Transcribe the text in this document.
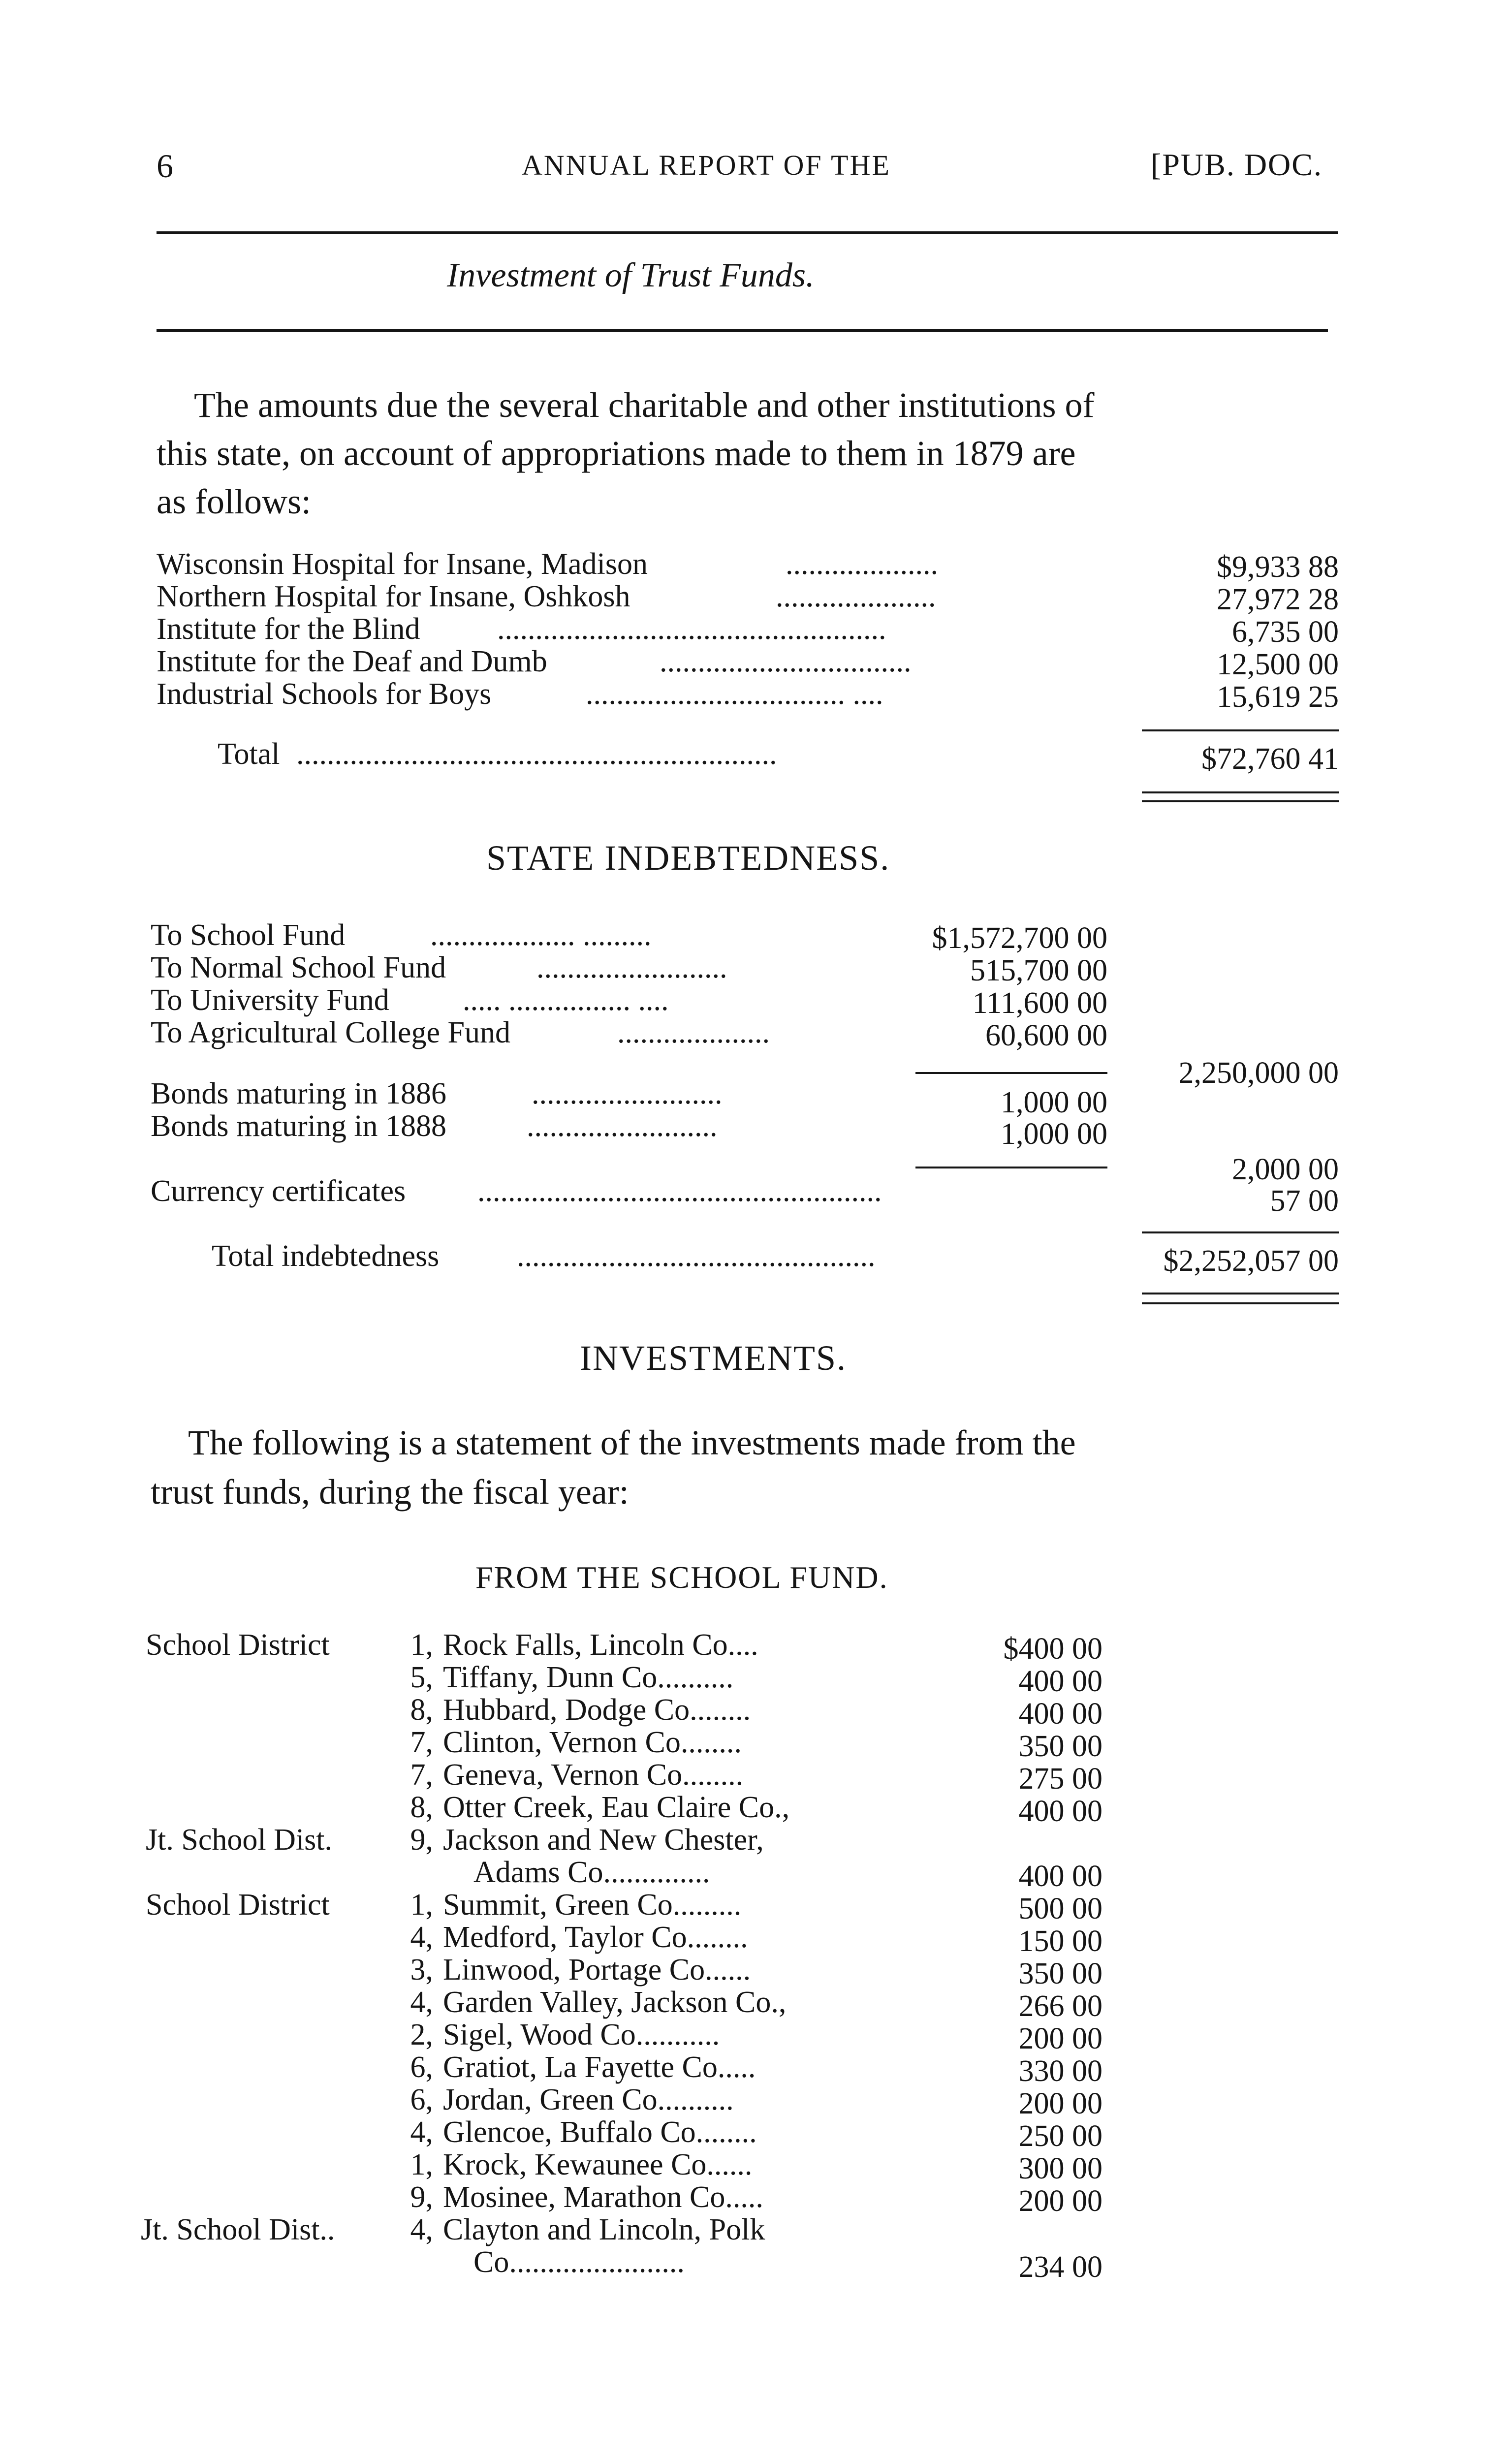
6	ANNUAL REPORT OF THE	[PUB. DOC.
Investment of Trust Funds.
The amounts due the several charitable and other institutions of
this state, on account of appropriations made to them in 1879 are
as follows:
Wisconsin Hospital for Insane, Madison	....................	$9,933 88
Northern Hospital for Insane, Oshkosh	.....................	27,972 28
Institute for the Blind	...................................................	6,735 00
Institute for the Deaf and Dumb	.................................	12,500 00
Industrial Schools for Boys	.................................. ....	15,619 25
Total ...............................................................	$72,760 41
STATE INDEBTEDNESS.
To School Fund	................... .........	$1,572,700 00
To Normal School Fund	.........................	515,700 00
To University Fund ..... ................ ....	111,600 00
To Agricultural College Fund	....................	60,600 00
2,250,000 00
Bonds maturing in 1886	.........................	1,000 00
Bonds maturing in 1888	.........................	1,000 00
2,000 00
Currency certificates .....................................................	57 00
Total indebtedness	...............................................	$2,252,057 00
INVESTMENTS.
The following is a statement of the investments made from the
trust funds, during the fiscal year:
FROM THE SCHOOL FUND.
School District	1, Rock Falls, Lincoln Co....	$400 00
5, Tiffany, Dunn Co..........	400 00
8, Hubbard, Dodge Co........	400 00
7, Clinton, Vernon Co........	350 00
7, Geneva, Vernon Co........	275 00
8, Otter Creek, Eau Claire Co.,	400 00
Jt. School Dist.	9, Jackson and New Chester,
Adams Co..............	400 00
School District	1, Summit, Green Co.........	500 00
4, Medford, Taylor Co........	150 00
3, Linwood, Portage Co......	350 00
4, Garden Valley, Jackson Co.,	266 00
2, Sigel, Wood Co...........	200 00
6, Gratiot, La Fayette Co.....	330 00
6, Jordan, Green Co..........	200 00
4, Glencoe, Buffalo Co........	250 00
1, Krock, Kewaunee Co......	300 00
9, Mosinee, Marathon Co.....	200 00
Jt. School Dist..	4, Clayton and Lincoln, Polk
Co.......................	234 00
